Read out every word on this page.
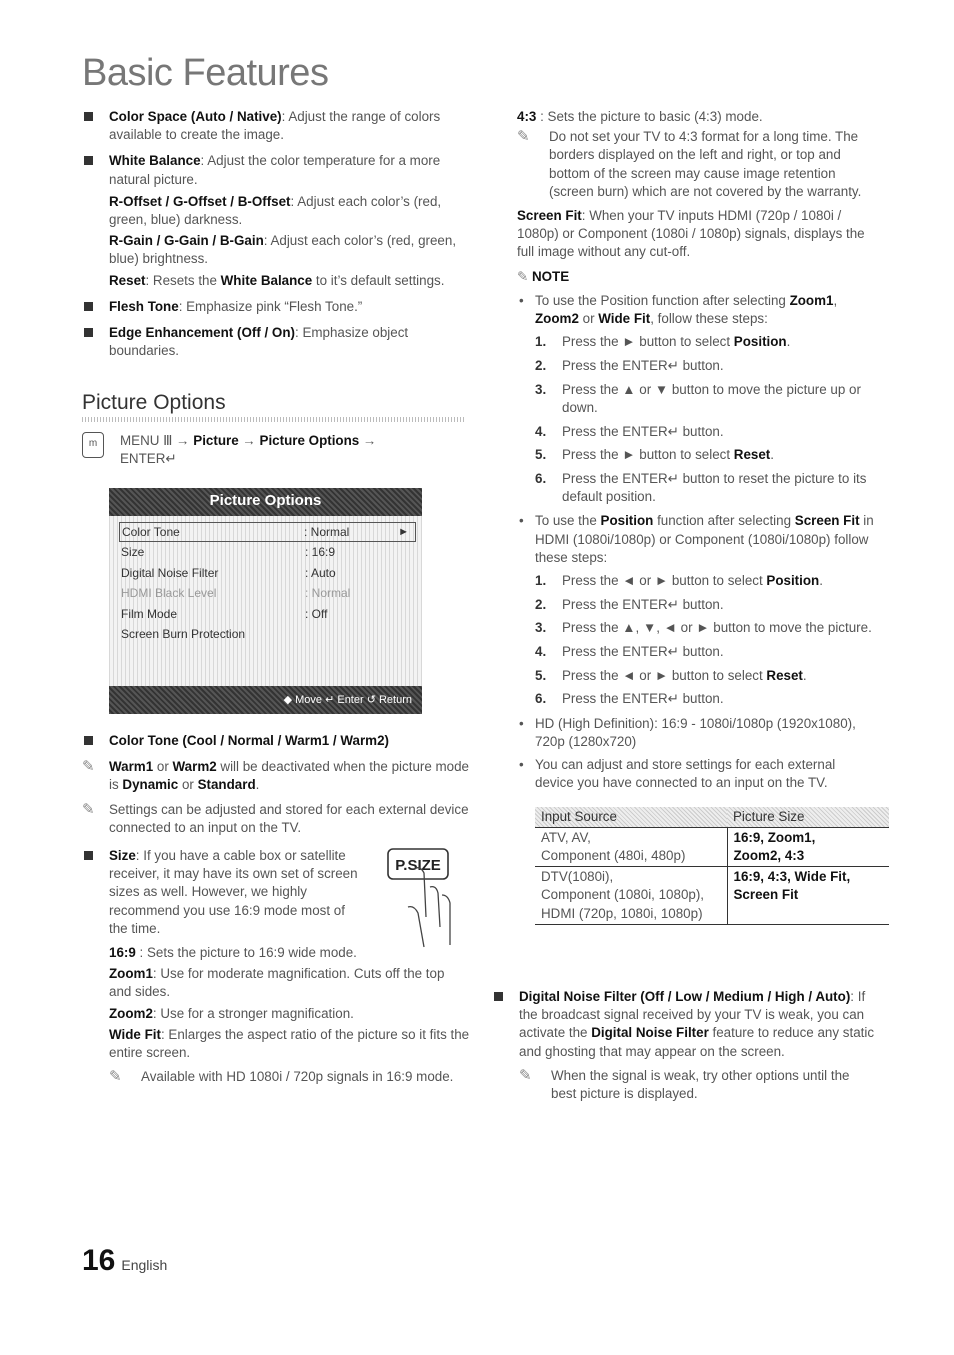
Basic Features
Color Space (Auto / Native): Adjust the range of colors available to create the image.
White Balance: Adjust the color temperature for a more natural picture.
R-Offset / G-Offset / B-Offset: Adjust each color’s (red, green, blue) darkness.
R-Gain / G-Gain / B-Gain: Adjust each color’s (red, green, blue) brightness.
Reset: Resets the White Balance to it’s default settings.
Flesh Tone: Emphasize pink “Flesh Tone.”
Edge Enhancement (Off / On): Emphasize object boundaries.
Picture Options
m	MENU Ⅲ → Picture → Picture Options →
ENTER↵
Picture Options
Color Tone	: Normal	►
Size	: 16:9
Digital Noise Filter	: Auto
HDMI Black Level	: Normal
Film Mode	: Off
Screen Burn Protection
◆ Move ↵ Enter ↺ Return
Color Tone (Cool / Normal / Warm1 / Warm2)
✎ Warm1 or Warm2 will be deactivated when the picture mode is Dynamic or Standard.
✎ Settings can be adjusted and stored for each external device connected to an input on the TV.
Size: If you have a cable box or satellite receiver, it may have its own set of screen sizes as well. However, we highly recommend you use 16:9 mode most of the time.
P.SIZE
16:9 : Sets the picture to 16:9 wide mode.
Zoom1: Use for moderate magnification. Cuts off the top and sides.
Zoom2: Use for a stronger magnification.
Wide Fit: Enlarges the aspect ratio of the picture so it fits the entire screen.
✎ Available with HD 1080i / 720p signals in 16:9 mode.
4:3 : Sets the picture to basic (4:3) mode.
✎ Do not set your TV to 4:3 format for a long time. The borders displayed on the left and right, or top and bottom of the screen may cause image retention (screen burn) which are not covered by the warranty.
Screen Fit: When your TV inputs HDMI (720p / 1080i / 1080p) or Component (1080i / 1080p) signals, displays the full image without any cut-off.
✎ NOTE
• To use the Position function after selecting Zoom1, Zoom2 or Wide Fit, follow these steps:
1. Press the ► button to select Position.
2. Press the ENTER↵ button.
3. Press the ▲ or ▼ button to move the picture up or down.
4. Press the ENTER↵ button.
5. Press the ► button to select Reset.
6. Press the ENTER↵ button to reset the picture to its default position.
• To use the Position function after selecting Screen Fit in HDMI (1080i/1080p) or Component (1080i/1080p) follow these steps:
1. Press the ◄ or ► button to select Position.
2. Press the ENTER↵ button.
3. Press the ▲, ▼, ◄ or ► button to move the picture.
4. Press the ENTER↵ button.
5. Press the ◄ or ► button to select Reset.
6. Press the ENTER↵ button.
• HD (High Definition): 16:9 - 1080i/1080p (1920x1080), 720p (1280x720)
• You can adjust and store settings for each external device you have connected to an input on the TV.
Input Source	Picture Size
ATV, AV,
Component (480i, 480p)	16:9, Zoom1,
Zoom2, 4:3
DTV(1080i),
Component (1080i, 1080p),
HDMI (720p, 1080i, 1080p)	16:9, 4:3, Wide Fit,
Screen Fit
Digital Noise Filter (Off / Low / Medium / High / Auto): If the broadcast signal received by your TV is weak, you can activate the Digital Noise Filter feature to reduce any static and ghosting that may appear on the screen.
✎ When the signal is weak, try other options until the best picture is displayed.
16 English
